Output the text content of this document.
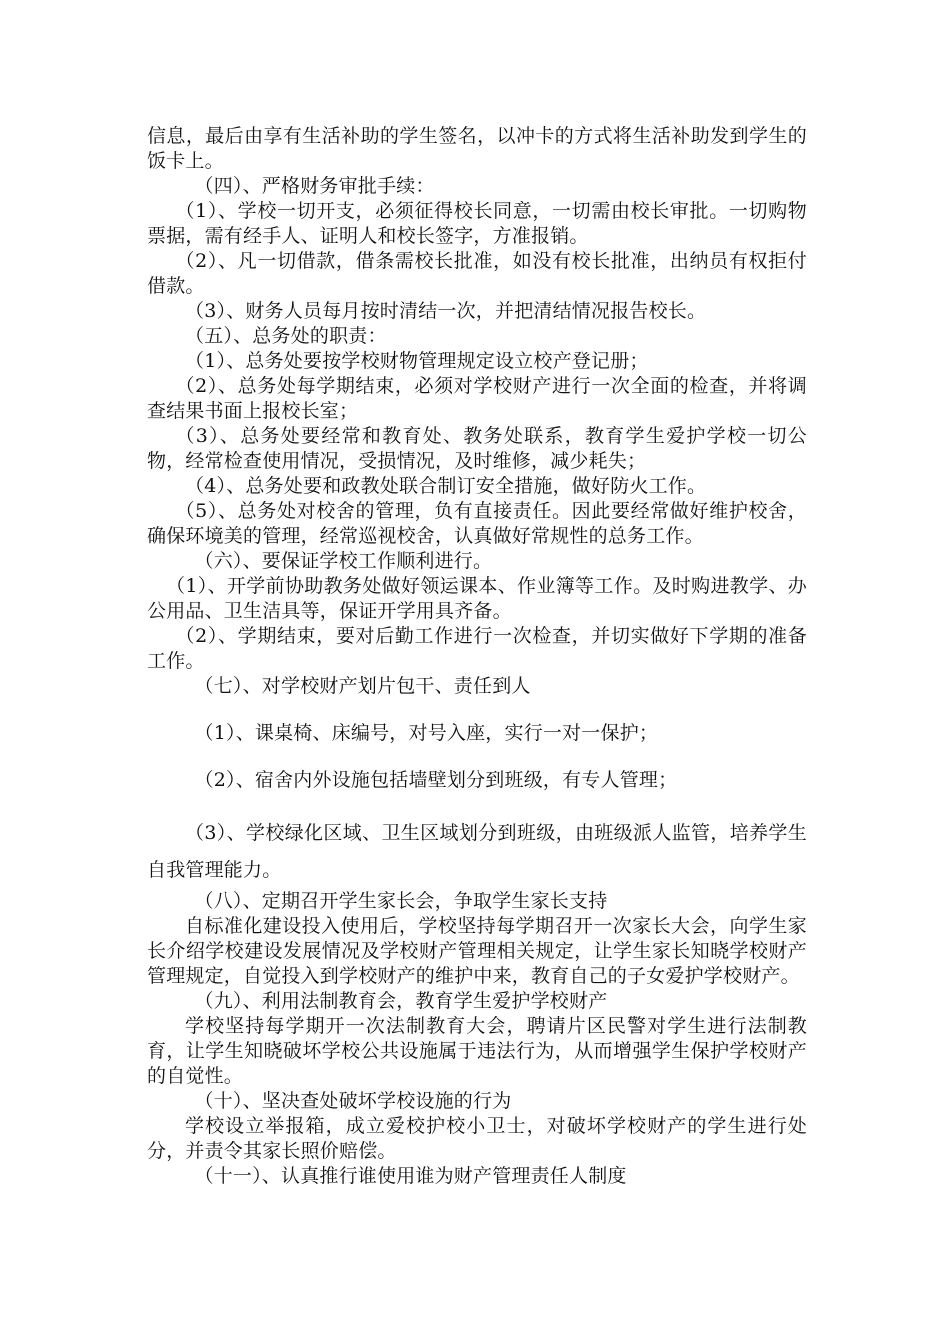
信息，最后由享有生活补助的学生签名，以冲卡的方式将生活补助发到学生的饭卡上。

（四）、严格财务审批手续：

（1）、学校一切开支，必须征得校长同意，一切需由校长审批。一切购物票据，需有经手人、证明人和校长签字，方准报销。

（2）、凡一切借款，借条需校长批准，如没有校长批准，出纳员有权拒付借款。

（3）、财务人员每月按时清结一次，并把清结情况报告校长。

（五）、总务处的职责：

（1）、总务处要按学校财物管理规定设立校产登记册；

（2）、总务处每学期结束，必须对学校财产进行一次全面的检查，并将调查结果书面上报校长室；

（3）、总务处要经常和教育处、教务处联系，教育学生爱护学校一切公物，经常检查使用情况，受损情况，及时维修，减少耗失；

（4）、总务处要和政教处联合制订安全措施，做好防火工作。

（5）、总务处对校舍的管理，负有直接责任。因此要经常做好维护校舍，确保环境美的管理，经常巡视校舍，认真做好常规性的总务工作。

（六）、要保证学校工作顺利进行。

（1）、开学前协助教务处做好领运课本、作业簿等工作。及时购进教学、办公用品、卫生洁具等，保证开学用具齐备。

（2）、学期结束，要对后勤工作进行一次检查，并切实做好下学期的准备工作。

（七）、对学校财产划片包干、责任到人

（1）、课桌椅、床编号，对号入座，实行一对一保护；

（2）、宿舍内外设施包括墙壁划分到班级，有专人管理；

（3）、学校绿化区域、卫生区域划分到班级，由班级派人监管，培养学生自我管理能力。

（八）、定期召开学生家长会，争取学生家长支持

自标准化建设投入使用后，学校坚持每学期召开一次家长大会，向学生家长介绍学校建设发展情况及学校财产管理相关规定，让学生家长知晓学校财产管理规定，自觉投入到学校财产的维护中来，教育自己的子女爱护学校财产。

（九）、利用法制教育会，教育学生爱护学校财产

学校坚持每学期开一次法制教育大会，聘请片区民警对学生进行法制教育，让学生知晓破坏学校公共设施属于违法行为，从而增强学生保护学校财产的自觉性。

（十）、坚决查处破坏学校设施的行为

学校设立举报箱，成立爱校护校小卫士，对破坏学校财产的学生进行处分，并责令其家长照价赔偿。

（十一）、认真推行谁使用谁为财产管理责任人制度
